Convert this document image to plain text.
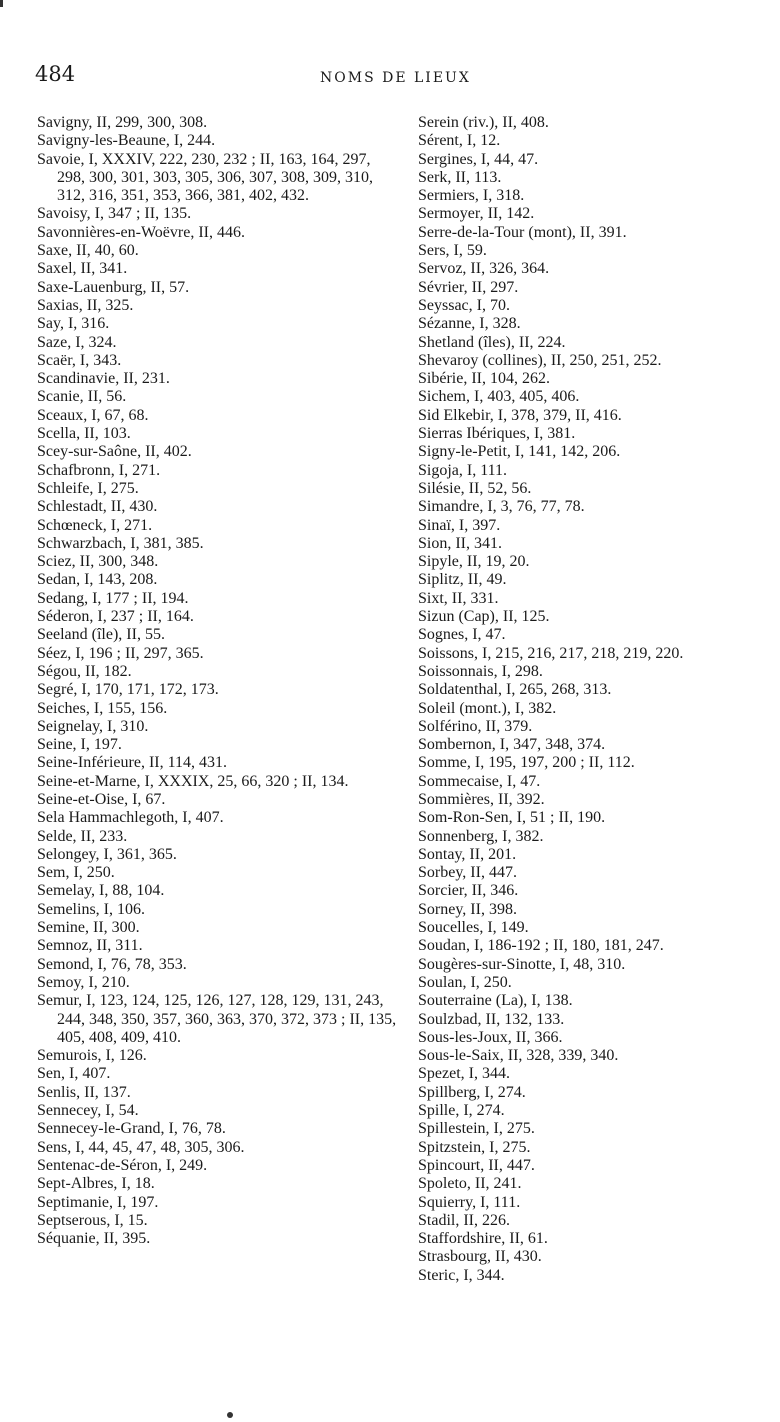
484	NOMS DE LIEUX
Savigny, II, 299, 300, 308.
Savigny-les-Beaune, I, 244.
Savoie, I, XXXIV, 222, 230, 232 ; II, 163, 164, 297, 298, 300, 301, 303, 305, 306, 307, 308, 309, 310, 312, 316, 351, 353, 366, 381, 402, 432.
Savoisy, I, 347 ; II, 135.
Savonnières-en-Woëvre, II, 446.
Saxe, II, 40, 60.
Saxel, II, 341.
Saxe-Lauenburg, II, 57.
Saxias, II, 325.
Say, I, 316.
Saze, I, 324.
Scaër, I, 343.
Scandinavie, II, 231.
Scanie, II, 56.
Sceaux, I, 67, 68.
Scella, II, 103.
Scey-sur-Saône, II, 402.
Schafbronn, I, 271.
Schleife, I, 275.
Schlestadt, II, 430.
Schœneck, I, 271.
Schwarzbach, I, 381, 385.
Sciez, II, 300, 348.
Sedan, I, 143, 208.
Sedang, I, 177 ; II, 194.
Séderon, I, 237 ; II, 164.
Seeland (île), II, 55.
Séez, I, 196 ; II, 297, 365.
Ségou, II, 182.
Segré, I, 170, 171, 172, 173.
Seiches, I, 155, 156.
Seignelay, I, 310.
Seine, I, 197.
Seine-Inférieure, II, 114, 431.
Seine-et-Marne, I, XXXIX, 25, 66, 320 ; II, 134.
Seine-et-Oise, I, 67.
Sela Hammachlegoth, I, 407.
Selde, II, 233.
Selongey, I, 361, 365.
Sem, I, 250.
Semelay, I, 88, 104.
Semelins, I, 106.
Semine, II, 300.
Semnoz, II, 311.
Semond, I, 76, 78, 353.
Semoy, I, 210.
Semur, I, 123, 124, 125, 126, 127, 128, 129, 131, 243, 244, 348, 350, 357, 360, 363, 370, 372, 373 ; II, 135, 405, 408, 409, 410.
Semurois, I, 126.
Sen, I, 407.
Senlis, II, 137.
Sennecey, I, 54.
Sennecey-le-Grand, I, 76, 78.
Sens, I, 44, 45, 47, 48, 305, 306.
Sentenac-de-Séron, I, 249.
Sept-Albres, I, 18.
Septimanie, I, 197.
Septserous, I, 15.
Séquanie, II, 395.
Serein (riv.), II, 408.
Sérent, I, 12.
Sergines, I, 44, 47.
Serk, II, 113.
Sermiers, I, 318.
Sermoyer, II, 142.
Serre-de-la-Tour (mont), II, 391.
Sers, I, 59.
Servoz, II, 326, 364.
Sévrier, II, 297.
Seyssac, I, 70.
Sézanne, I, 328.
Shetland (îles), II, 224.
Shevaroy (collines), II, 250, 251, 252.
Sibérie, II, 104, 262.
Sichem, I, 403, 405, 406.
Sid Elkebir, I, 378, 379, II, 416.
Sierras Ibériques, I, 381.
Signy-le-Petit, I, 141, 142, 206.
Sigoja, I, 111.
Silésie, II, 52, 56.
Simandre, I, 3, 76, 77, 78.
Sinaï, I, 397.
Sion, II, 341.
Sipyle, II, 19, 20.
Siplitz, II, 49.
Sixt, II, 331.
Sizun (Cap), II, 125.
Sognes, I, 47.
Soissons, I, 215, 216, 217, 218, 219, 220.
Soissonnais, I, 298.
Soldatenthal, I, 265, 268, 313.
Soleil (mont.), I, 382.
Solférino, II, 379.
Sombernon, I, 347, 348, 374.
Somme, I, 195, 197, 200 ; II, 112.
Sommecaise, I, 47.
Sommières, II, 392.
Som-Ron-Sen, I, 51 ; II, 190.
Sonnenberg, I, 382.
Sontay, II, 201.
Sorbey, II, 447.
Sorcier, II, 346.
Sorney, II, 398.
Soucelles, I, 149.
Soudan, I, 186-192 ; II, 180, 181, 247.
Sougères-sur-Sinotte, I, 48, 310.
Soulan, I, 250.
Souterraine (La), I, 138.
Soulzbad, II, 132, 133.
Sous-les-Joux, II, 366.
Sous-le-Saix, II, 328, 339, 340.
Spezet, I, 344.
Spillberg, I, 274.
Spille, I, 274.
Spillestein, I, 275.
Spitzstein, I, 275.
Spincourt, II, 447.
Spoleto, II, 241.
Squierry, I, 111.
Stadil, II, 226.
Staffordshire, II, 61.
Strasbourg, II, 430.
Steric, I, 344.
